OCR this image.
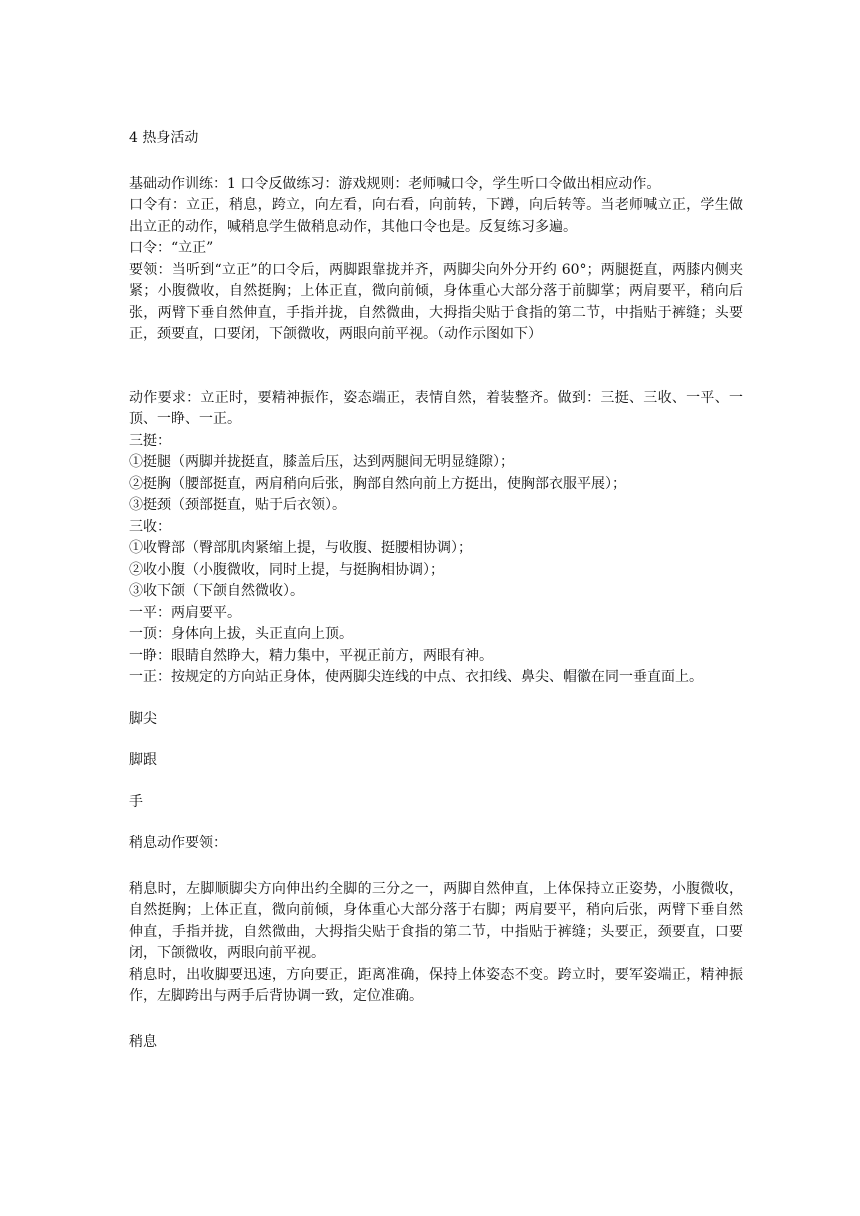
4 热身活动
基础动作训练：1 口令反做练习：游戏规则：老师喊口令，学生听口令做出相应动作。
口令有：立正，稍息，跨立，向左看，向右看，向前转，下蹲，向后转等。当老师喊立正，学生做出立正的动作，喊稍息学生做稍息动作，其他口令也是。反复练习多遍。
口令：“立正”
要领：当听到“立正”的口令后，两脚跟靠拢并齐，两脚尖向外分开约 60°；两腿挺直，两膝内侧夹紧；小腹微收，自然挺胸；上体正直，微向前倾，身体重心大部分落于前脚掌；两肩要平，稍向后张，两臂下垂自然伸直，手指并拢，自然微曲，大拇指尖贴于食指的第二节，中指贴于裤缝；头要正，颈要直，口要闭，下颌微收，两眼向前平视。（动作示图如下）
动作要求：立正时，要精神振作，姿态端正，表情自然，着装整齐。做到：三挺、三收、一平、一顶、一睁、一正。
三挺：
①挺腿（两脚并拢挺直，膝盖后压，达到两腿间无明显缝隙）；
②挺胸（腰部挺直，两肩稍向后张，胸部自然向前上方挺出，使胸部衣服平展）；
③挺颈（颈部挺直，贴于后衣领）。
三收：
①收臀部（臀部肌肉紧缩上提，与收腹、挺腰相协调）；
②收小腹（小腹微收，同时上提，与挺胸相协调）；
③收下颌（下颌自然微收）。
一平：两肩要平。
一顶：身体向上拔，头正直向上顶。
一睁：眼睛自然睁大，精力集中，平视正前方，两眼有神。
一正：按规定的方向站正身体，使两脚尖连线的中点、衣扣线、鼻尖、帽徽在同一垂直面上。
脚尖
脚跟
手
稍息动作要领：
稍息时，左脚顺脚尖方向伸出约全脚的三分之一，两脚自然伸直，上体保持立正姿势，小腹微收，自然挺胸；上体正直，微向前倾，身体重心大部分落于右脚；两肩要平，稍向后张，两臂下垂自然伸直，手指并拢，自然微曲，大拇指尖贴于食指的第二节，中指贴于裤缝；头要正，颈要直，口要闭，下颌微收，两眼向前平视。
稍息时，出收脚要迅速，方向要正，距离准确，保持上体姿态不变。跨立时，要军姿端正，精神振作，左脚跨出与两手后背协调一致，定位准确。
稍息
